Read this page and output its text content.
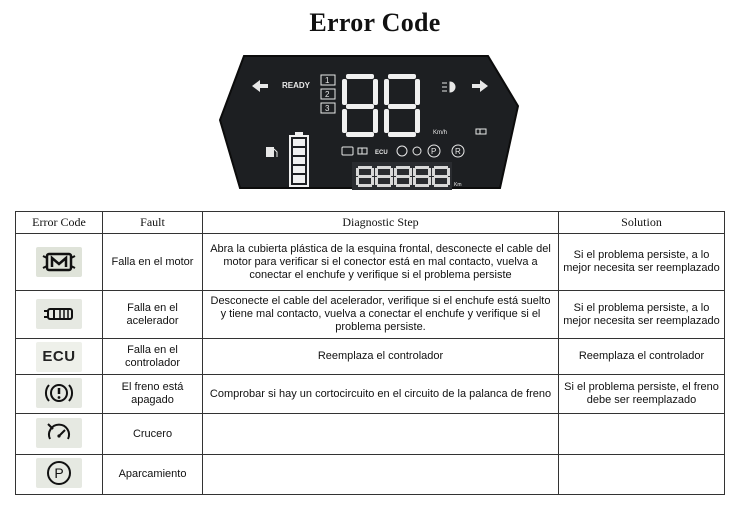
Error Code
READY
1
2
3
Km/h
ECU	P R
Km
Error Code	Fault	Diagnostic Step	Solution

	Falla en el motor	Abra la cubierta plástica de la esquina frontal, desconecte el cable del motor para verificar si el conector está en mal contacto, vuelva a conectar el enchufe y verifique si el problema persiste	Si el problema persiste, a lo mejor necesita ser reemplazado

	Falla en el acelerador	Desconecte el cable del acelerador, verifique si el enchufe está suelto y tiene mal contacto, vuelva a conectar el enchufe y verifique si el problema persiste.	Si el problema persiste, a lo mejor necesita ser reemplazado

ECU	Falla en el controlador	Reemplaza el controlador	Reemplaza el controlador

	El freno está apagado	Comprobar si hay un cortocircuito en el circuito de la palanca de freno	Si el problema persiste, el freno debe ser reemplazado

	Crucero		

P	Aparcamiento		
